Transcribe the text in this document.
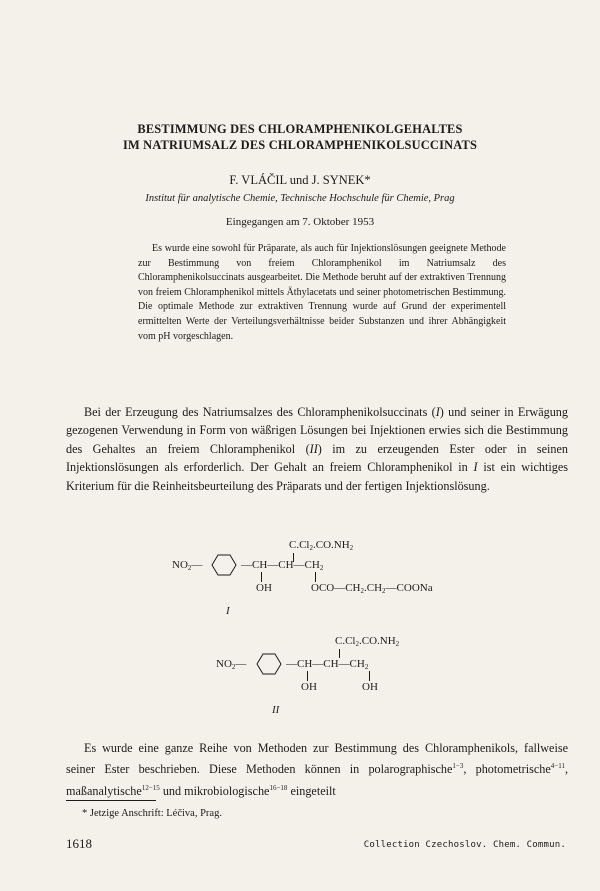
BESTIMMUNG DES CHLORAMPHENIKOLGEHALTES
IM NATRIUMSALZ DES CHLORAMPHENIKOLSUCCINATS
F. VLÁČIL und J. SYNEK*
Institut für analytische Chemie, Technische Hochschule für Chemie, Prag
Eingegangen am 7. Oktober 1953
Es wurde eine sowohl für Präparate, als auch für Injektionslösungen geeignete Methode zur Bestimmung von freiem Chloramphenikol im Natriumsalz des Chloramphenikolsuccinats ausgearbeitet. Die Methode beruht auf der extraktiven Trennung von freiem Chloramphenikol mittels Äthylacetats und seiner photometrischen Bestimmung. Die optimale Methode zur extraktiven Trennung wurde auf Grund der experimentell ermittelten Werte der Verteilungsverhältnisse beider Substanzen und ihrer Abhängigkeit vom pH vorgeschlagen.
Bei der Erzeugung des Natriumsalzes des Chloramphenikolsuccinats (I) und seiner in Erwägung gezogenen Verwendung in Form von wäßrigen Lösungen bei Injektionen erwies sich die Bestimmung des Gehaltes an freiem Chloramphenikol (II) im zu erzeugenden Ester oder in seinen Injektionslösungen als erforderlich. Der Gehalt an freiem Chloramphenikol in I ist ein wichtiges Kriterium für die Reinheitsbeurteilung des Präparats und der fertigen Injektionslösung.
$C.Cl_2.CO.NH_2$
$NO_2—$	$—CH—CH—CH_2$
OH	$OCO—CH_2.CH_2—COONa$
I
$C.Cl_2.CO.NH_2$
$NO_2—$	$—CH—CH—CH_2$
OH	OH
II
Es wurde eine ganze Reihe von Methoden zur Bestimmung des Chloramphenikols, fallweise seiner Ester beschrieben. Diese Methoden können in polarographische$^{1-3}$, photometrische$^{4-11}$, maßanalytische$^{12-15}$ und mikrobiologische$^{16-18}$ eingeteilt
* Jetzige Anschrift: Léčiva, Prag.
1618	Collection Czechoslov. Chem. Commun.
